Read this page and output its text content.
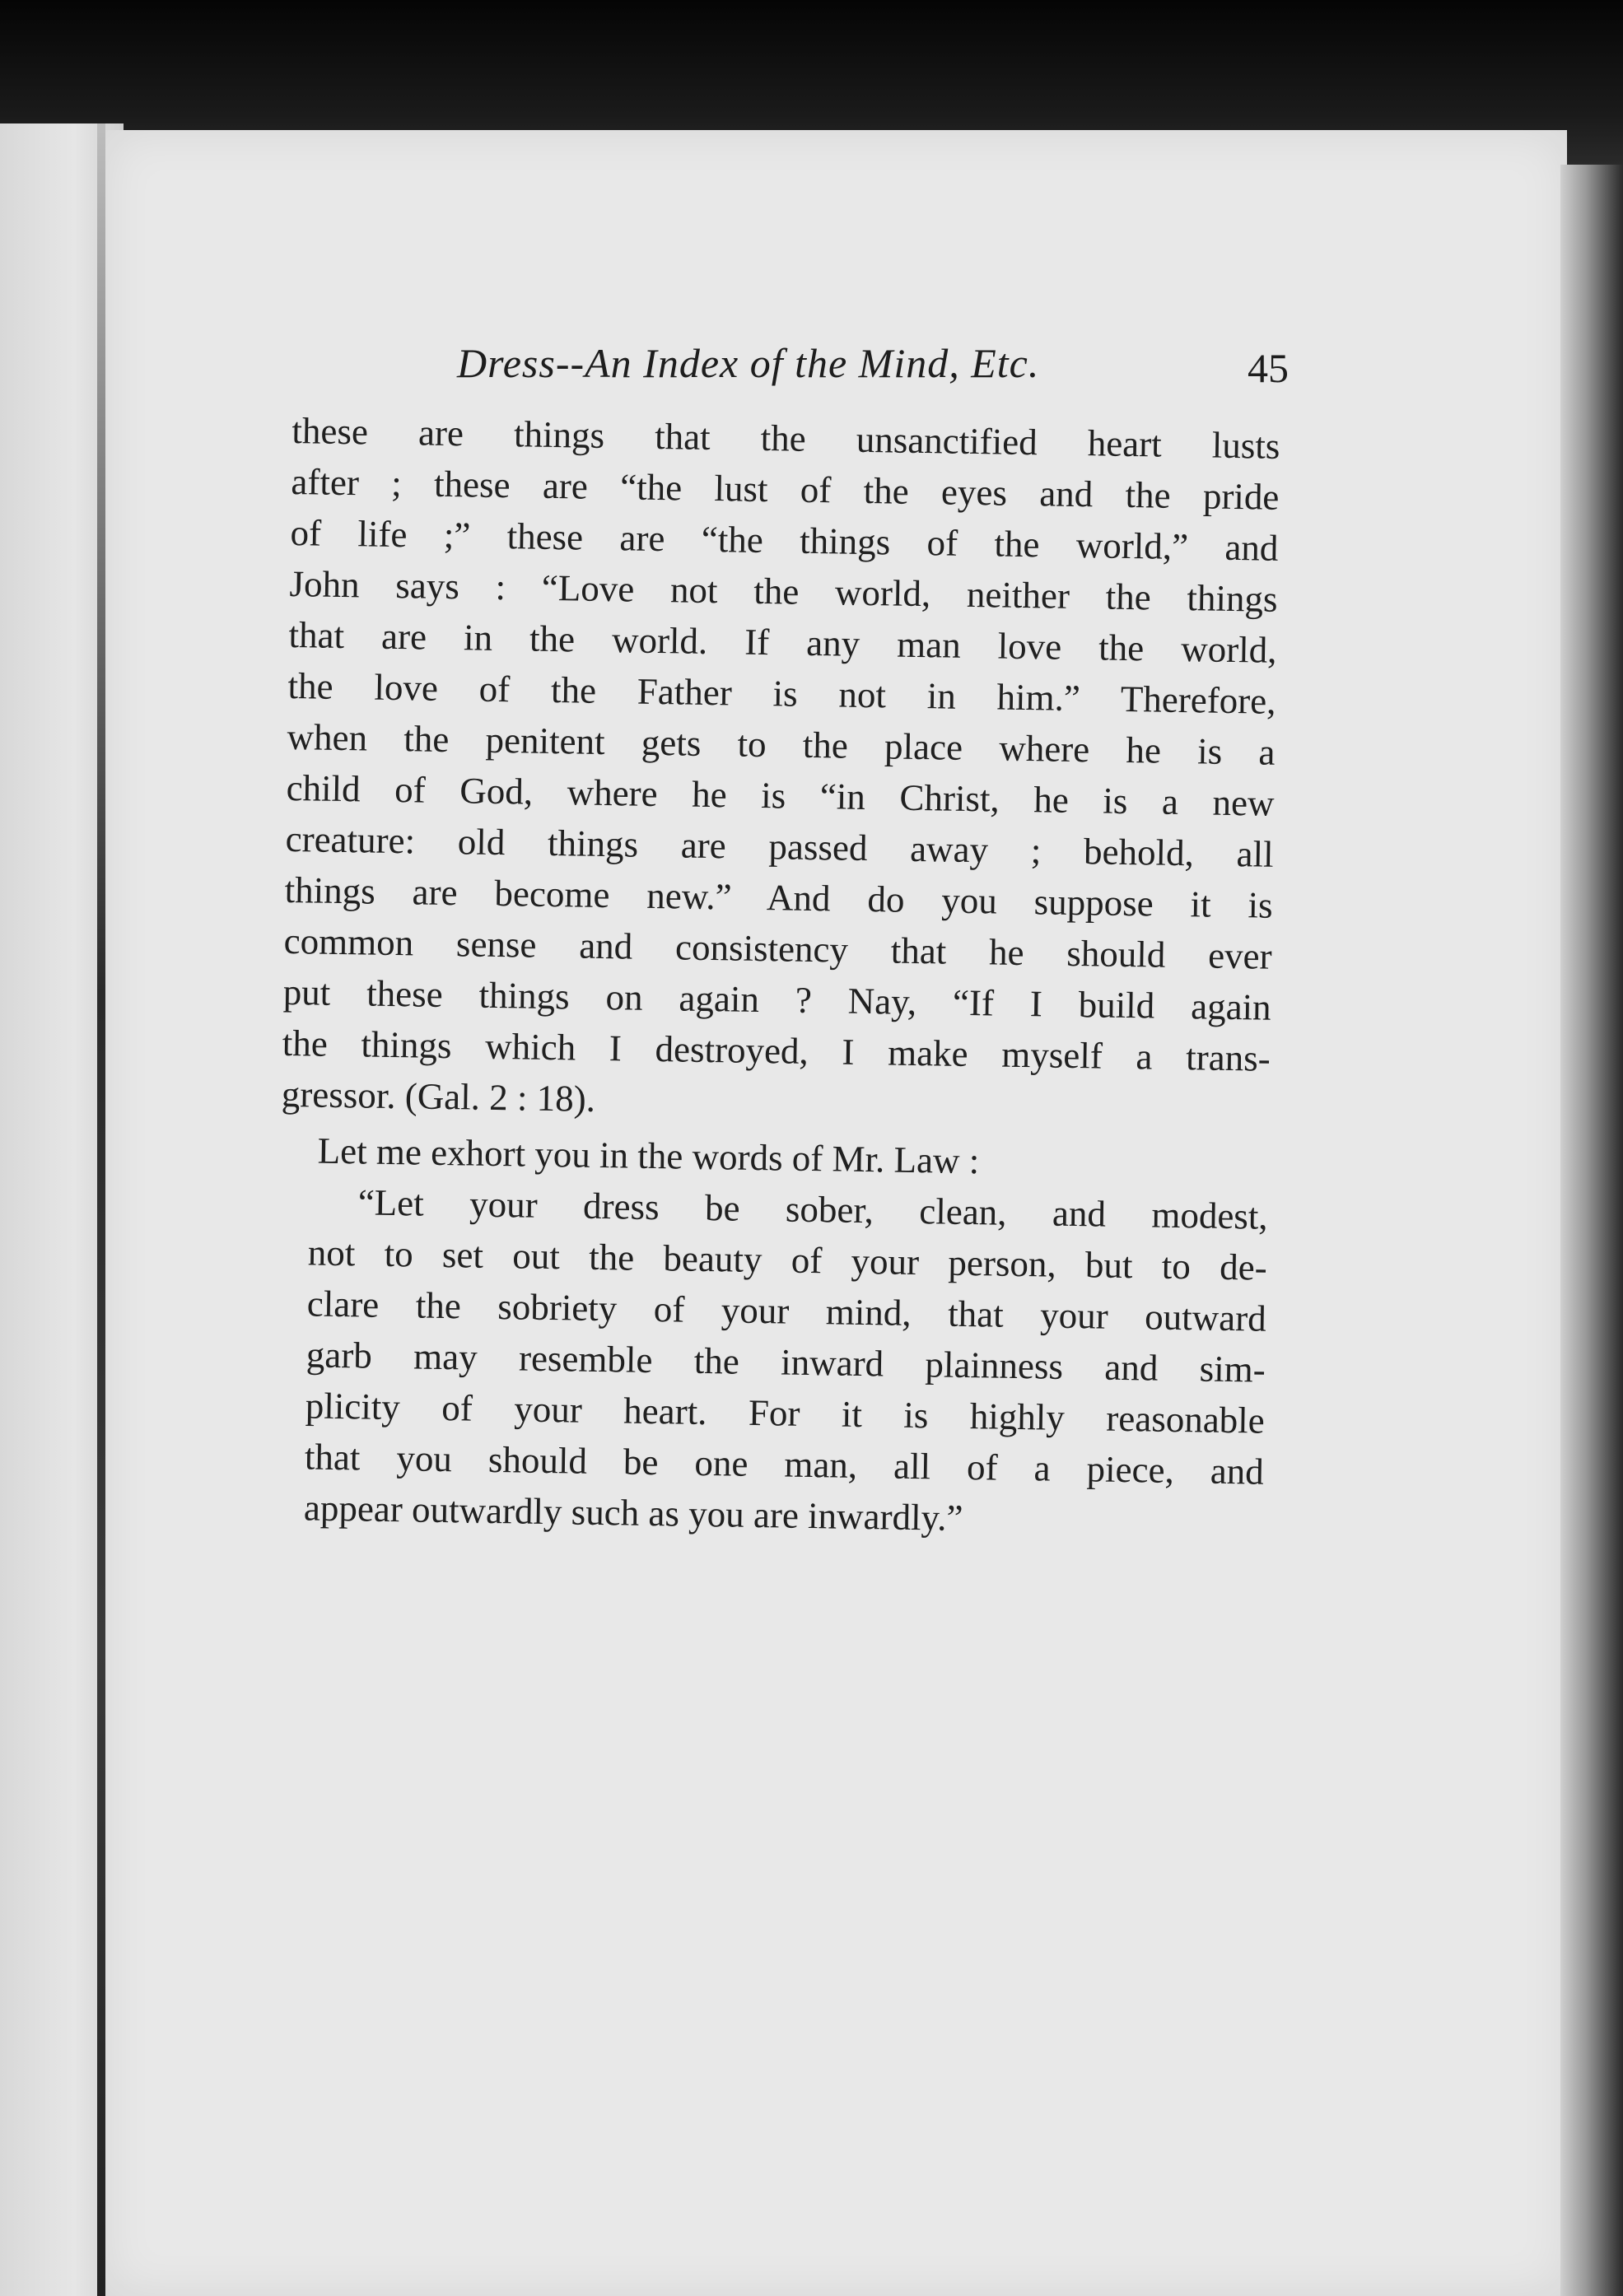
Dress--An Index of the Mind, Etc.	45
these are things that the unsanctified heart lusts
after ; these are “the lust of the eyes and the pride
of life ;” these are “the things of the world,” and
John says : “Love not the world, neither the things
that are in the world. If any man love the world,
the love of the Father is not in him.” Therefore,
when the penitent gets to the place where he is a
child of God, where he is “in Christ, he is a new
creature: old things are passed away ; behold, all
things are become new.” And do you suppose it is
common sense and consistency that he should ever
put these things on again ? Nay, “If I build again
the things which I destroyed, I make myself a trans-
gressor. (Gal. 2 : 18).
Let me exhort you in the words of Mr. Law :
“Let your dress be sober, clean, and modest,
not to set out the beauty of your person, but to de-
clare the sobriety of your mind, that your outward
garb may resemble the inward plainness and sim-
plicity of your heart. For it is highly reasonable
that you should be one man, all of a piece, and
appear outwardly such as you are inwardly.”
